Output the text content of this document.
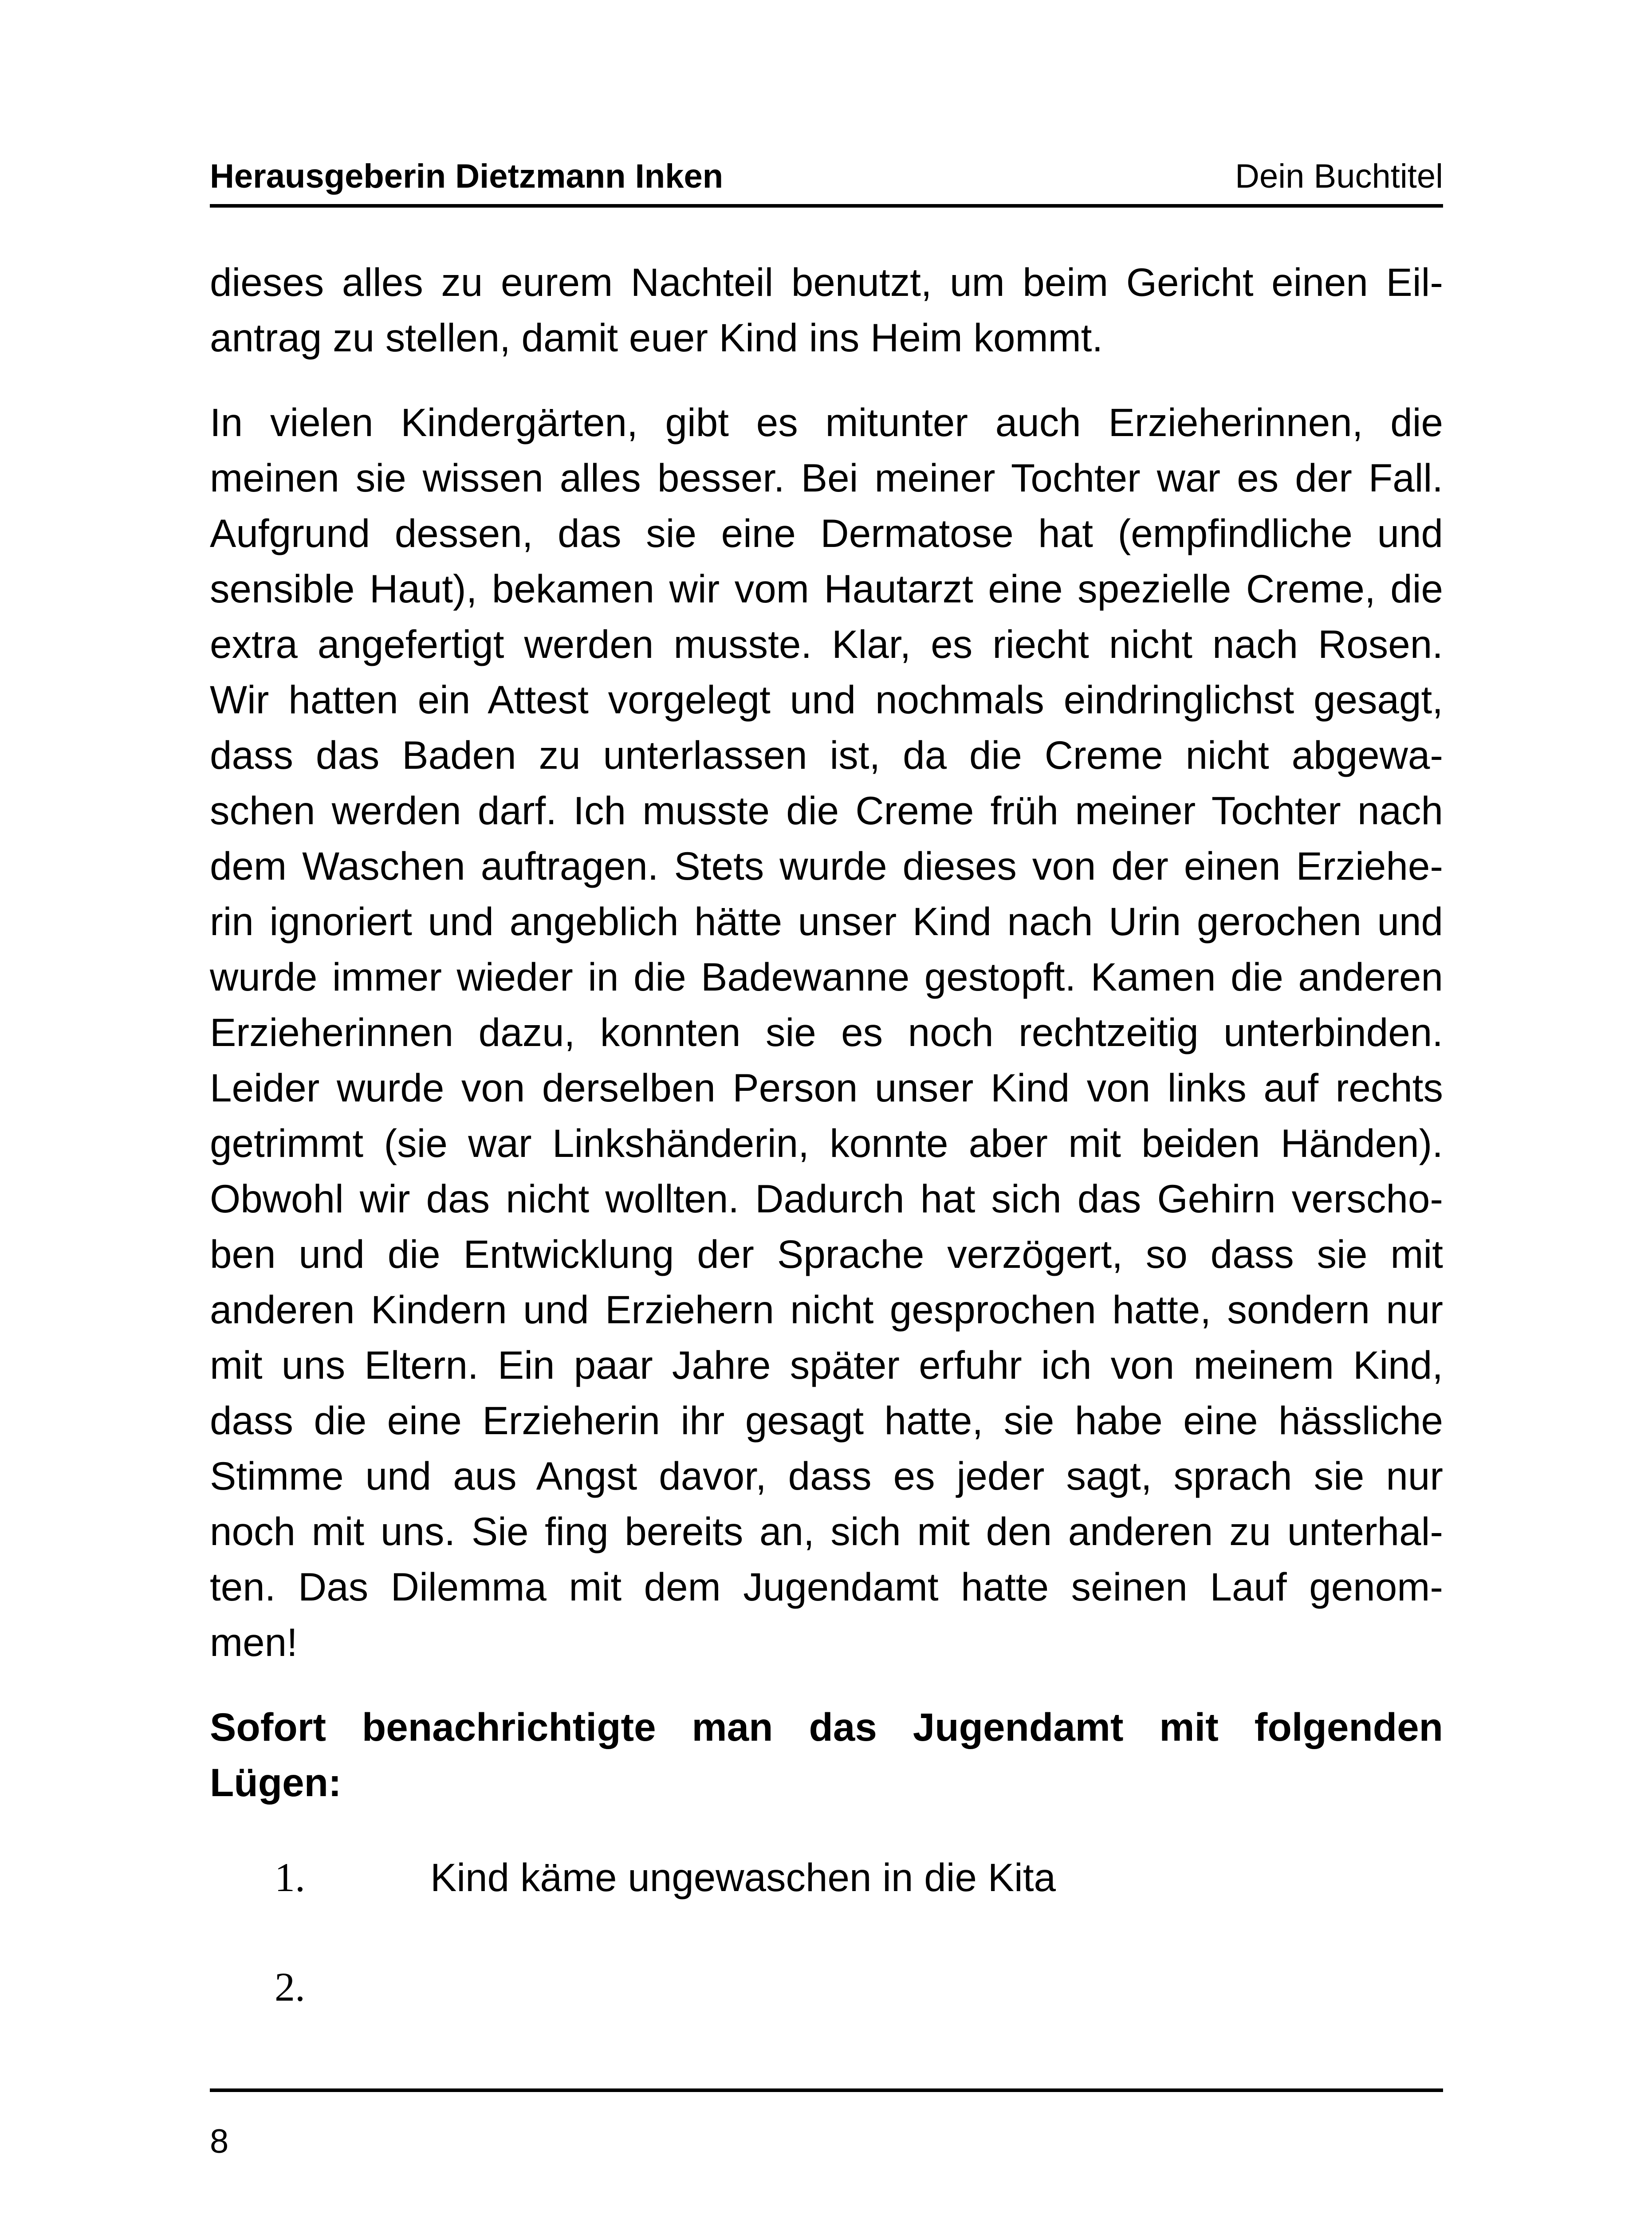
Herausgeberin Dietzmann Inken	Dein Buchtitel

dieses alles zu eurem Nachteil benutzt, um beim Gericht einen Eil-
antrag zu stellen, damit euer Kind ins Heim kommt.

In vielen Kindergärten, gibt es mitunter auch Erzieherinnen, die
meinen sie wissen alles besser. Bei meiner Tochter war es der Fall.
Aufgrund dessen, das sie eine Dermatose hat (empfindliche und
sensible Haut), bekamen wir vom Hautarzt eine spezielle Creme, die
extra angefertigt werden musste. Klar, es riecht nicht nach Rosen.
Wir hatten ein Attest vorgelegt und nochmals eindringlichst gesagt,
dass das Baden zu unterlassen ist, da die Creme nicht abgewa-
schen werden darf. Ich musste die Creme früh meiner Tochter nach
dem Waschen auftragen. Stets wurde dieses von der einen Erziehe-
rin ignoriert und angeblich hätte unser Kind nach Urin gerochen und
wurde immer wieder in die Badewanne gestopft. Kamen die anderen
Erzieherinnen dazu, konnten sie es noch rechtzeitig unterbinden.
Leider wurde von derselben Person unser Kind von links auf rechts
getrimmt (sie war Linkshänderin, konnte aber mit beiden Händen).
Obwohl wir das nicht wollten. Dadurch hat sich das Gehirn verscho-
ben und die Entwicklung der Sprache verzögert, so dass sie mit
anderen Kindern und Erziehern nicht gesprochen hatte, sondern nur
mit uns Eltern. Ein paar Jahre später erfuhr ich von meinem Kind,
dass die eine Erzieherin ihr gesagt hatte, sie habe eine hässliche
Stimme und aus Angst davor, dass es jeder sagt, sprach sie nur
noch mit uns. Sie fing bereits an, sich mit den anderen zu unterhal-
ten. Das Dilemma mit dem Jugendamt hatte seinen Lauf genom-
men!

Sofort benachrichtigte man das Jugendamt mit folgenden
Lügen:

1.	Kind käme ungewaschen in die Kita
2.
8
